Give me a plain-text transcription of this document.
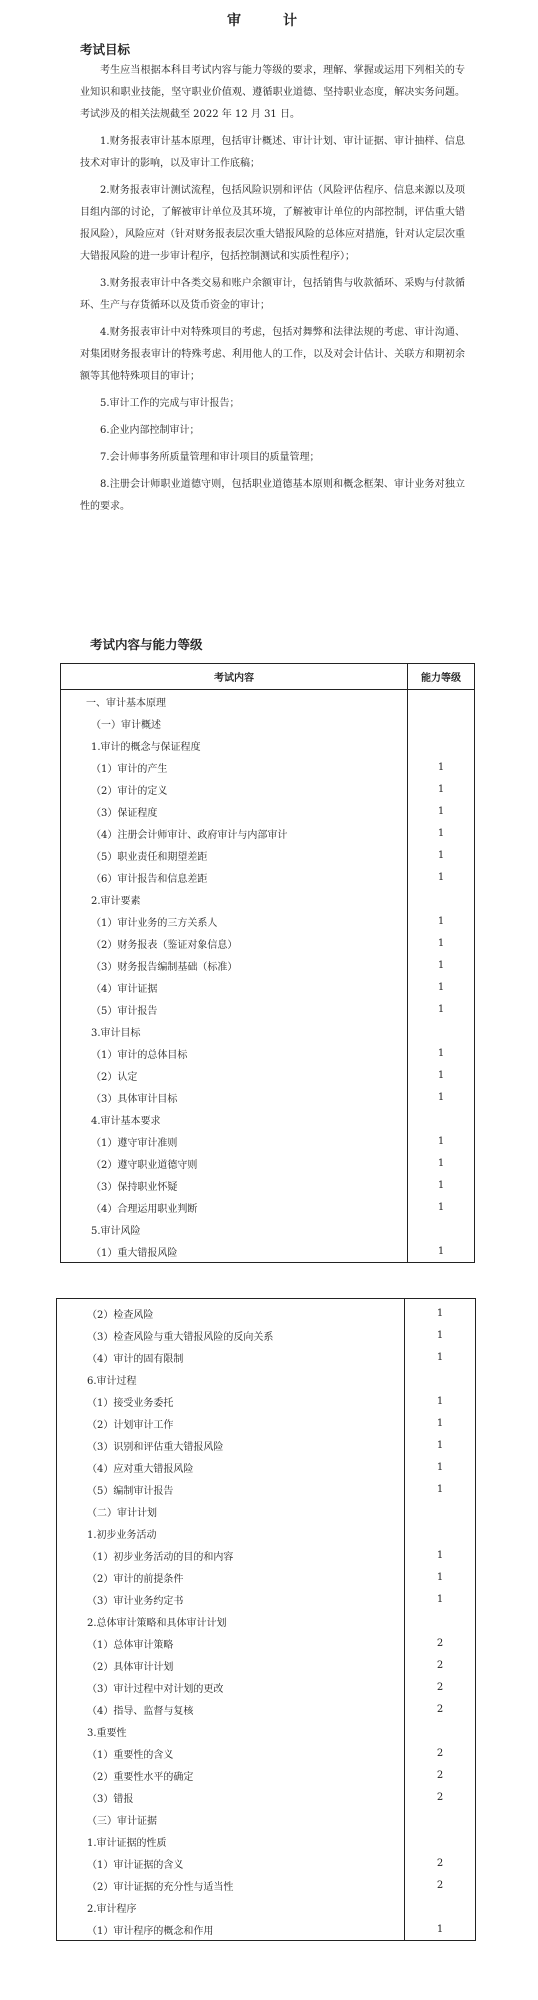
审　计
考试目标

考生应当根据本科目考试内容与能力等级的要求，理解、掌握或运用下列相关的专业知识和职业技能，坚守职业价值观、遵循职业道德、坚持职业态度，解决实务问题。考试涉及的相关法规截至 2022 年 12 月 31 日。

1.财务报表审计基本原理，包括审计概述、审计计划、审计证据、审计抽样、信息技术对审计的影响，以及审计工作底稿；

2.财务报表审计测试流程，包括风险识别和评估（风险评估程序、信息来源以及项目组内部的讨论，了解被审计单位及其环境，了解被审计单位的内部控制，评估重大错报风险），风险应对（针对财务报表层次重大错报风险的总体应对措施，针对认定层次重大错报风险的进一步审计程序，包括控制测试和实质性程序）；

3.财务报表审计中各类交易和账户余额审计，包括销售与收款循环、采购与付款循环、生产与存货循环以及货币资金的审计；

4.财务报表审计中对特殊项目的考虑，包括对舞弊和法律法规的考虑、审计沟通、对集团财务报表审计的特殊考虑、利用他人的工作，以及对会计估计、关联方和期初余额等其他特殊项目的审计；

5.审计工作的完成与审计报告；

6.企业内部控制审计；

7.会计师事务所质量管理和审计项目的质量管理；

8.注册会计师职业道德守则，包括职业道德基本原则和概念框架、审计业务对独立性的要求。

考试内容与能力等级
考试内容	能力等级
一、审计基本原理	
（一）审计概述	
1.审计的概念与保证程度	
（1）审计的产生	1
（2）审计的定义	1
（3）保证程度	1
（4）注册会计师审计、政府审计与内部审计	1
（5）职业责任和期望差距	1
（6）审计报告和信息差距	1
2.审计要素	
（1）审计业务的三方关系人	1
（2）财务报表（鉴证对象信息）	1
（3）财务报告编制基础（标准）	1
（4）审计证据	1
（5）审计报告	1
3.审计目标	
（1）审计的总体目标	1
（2）认定	1
（3）具体审计目标	1
4.审计基本要求	
（1）遵守审计准则	1
（2）遵守职业道德守则	1
（3）保持职业怀疑	1
（4）合理运用职业判断	1
5.审计风险	
（1）重大错报风险	1
（2）检查风险	1
（3）检查风险与重大错报风险的反向关系	1
（4）审计的固有限制	1
6.审计过程	
（1）接受业务委托	1
（2）计划审计工作	1
（3）识别和评估重大错报风险	1
（4）应对重大错报风险	1
（5）编制审计报告	1
（二）审计计划	
1.初步业务活动	
（1）初步业务活动的目的和内容	1
（2）审计的前提条件	1
（3）审计业务约定书	1
2.总体审计策略和具体审计计划	
（1）总体审计策略	2
（2）具体审计计划	2
（3）审计过程中对计划的更改	2
（4）指导、监督与复核	2
3.重要性	
（1）重要性的含义	2
（2）重要性水平的确定	2
（3）错报	2
（三）审计证据	
1.审计证据的性质	
（1）审计证据的含义	2
（2）审计证据的充分性与适当性	2
2.审计程序	
（1）审计程序的概念和作用	1
